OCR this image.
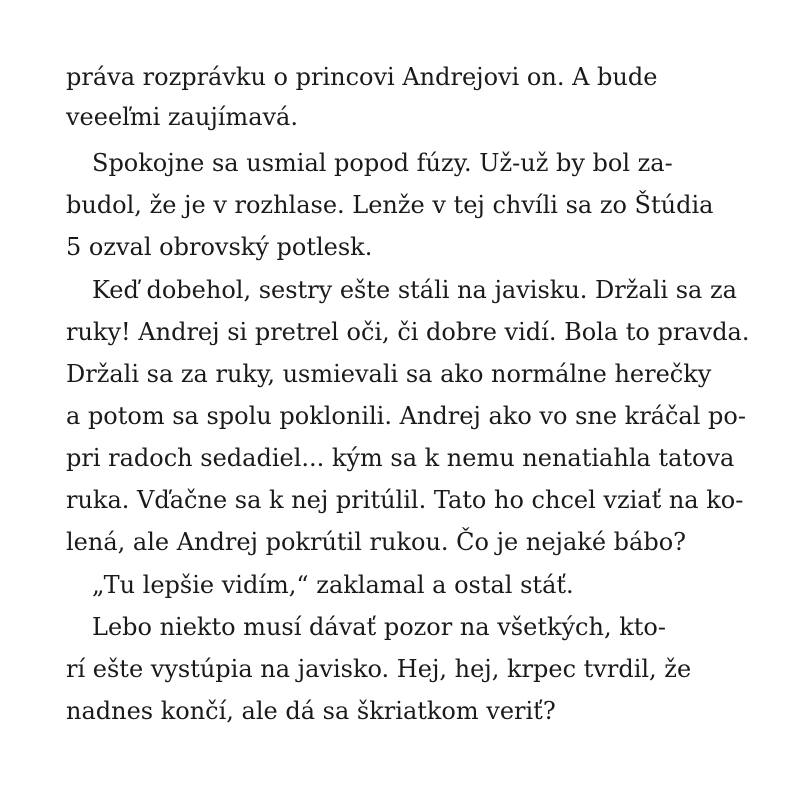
práva rozprávku o princovi Andrejovi on. A bude
veeeľmi zaujímavá.
Spokojne sa usmial popod fúzy. Už-už by bol za-
budol, že je v rozhlase. Lenže v tej chvíli sa zo Štúdia
5 ozval obrovský potlesk.
Keď dobehol, sestry ešte stáli na javisku. Držali sa za
ruky! Andrej si pretrel oči, či dobre vidí. Bola to pravda.
Držali sa za ruky, usmievali sa ako normálne herečky
a potom sa spolu poklonili. Andrej ako vo sne kráčal po-
pri radoch sedadiel... kým sa k nemu nenatiahla tatova
ruka. Vďačne sa k nej pritúlil. Tato ho chcel vziať na ko-
lená, ale Andrej pokrútil rukou. Čo je nejaké bábo?
„Tu lepšie vidím,“ zaklamal a ostal stáť.
Lebo niekto musí dávať pozor na všetkých, kto-
rí ešte vystúpia na javisko. Hej, hej, krpec tvrdil, že
nadnes končí, ale dá sa škriatkom veriť?
